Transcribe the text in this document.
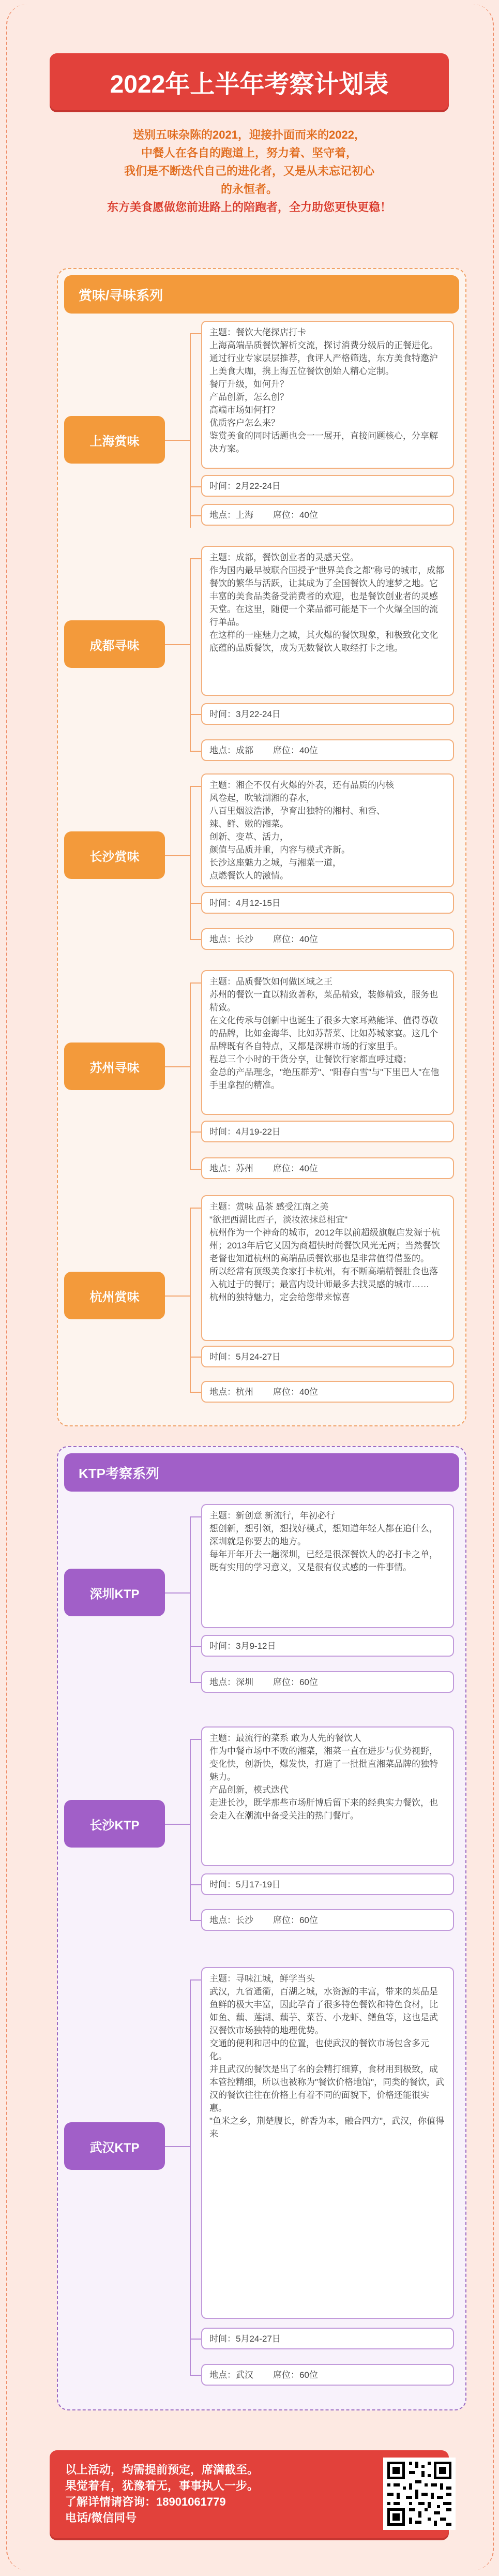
2022年上半年考察计划表
送别五味杂陈的2021，迎接扑面而来的2022，
中餐人在各自的跑道上，努力着、坚守着，
我们是不断迭代自己的进化者，又是从未忘记初心
的永恒者。
东方美食愿做您前进路上的陪跑者，全力助您更快更稳！
赏味/寻味系列
上海赏味
主题：餐饮大佬探店打卡
上海高端品质餐饮解析交流，探讨消费分级后的正餐进化。
通过行业专家层层推荐，食评人严格筛选，东方美食特邀沪上美食大咖，携上海五位餐饮创始人精心定制。
餐厅升级，如何升？
产品创新，怎么创？
高端市场如何打？
优质客户怎么来？
鉴赏美食的同时话题也会一一展开，直接问题核心，分享解决方案。
时间：2月22-24日
地点：上海 席位：40位
成都寻味
主题：成都，餐饮创业者的灵感天堂。
作为国内最早被联合国授予"世界美食之都"称号的城市，成都餐饮的繁华与活跃，让其成为了全国餐饮人的速梦之地。它丰富的美食品类备受消费者的欢迎，也是餐饮创业者的灵感天堂。在这里，随便一个菜品都可能是下一个火爆全国的流行单品。
在这样的一座魅力之城，其火爆的餐饮现象，和极致化文化底蕴的品质餐饮，成为无数餐饮人取经打卡之地。
时间：3月22-24日
地点：成都 席位：40位
长沙赏味
主题：湘企不仅有火爆的外表，还有品质的内核
风卷起，吹皱湖湘的春水，
八百里烟波浩渺，孕育出独特的湘村、和香、
辣、鲜、嫩的湘菜。
创新、变革、活力，
颜值与品质并重，内容与模式齐新。
长沙这座魅力之城，与湘菜一道，
点燃餐饮人的激情。
时间：4月12-15日
地点：长沙 席位：40位
苏州寻味
主题：品质餐饮如何做区域之王
苏州的餐饮一直以精致著称，菜品精致，装修精致，服务也精致。
在文化传承与创新中也诞生了很多大家耳熟能详、值得尊敬的品牌，比如金海华、比如苏帮菜、比如苏城家宴。这几个品牌既有各自特点，又都是深耕市场的行家里手。
程总三个小时的干货分享，让餐饮行家都直呼过瘾；
金总的产品理念，"绝压群芳"、"阳春白雪"与"下里巴人"在他手里拿捏的精准。
时间：4月19-22日
地点：苏州 席位：40位
杭州赏味
主题：赏味 品茶 感受江南之美
"欲把西湖比西子，淡妆浓抹总相宜"
杭州作为一个神奇的城市，2012年以前超级旗舰店发源于杭州；2013年后它又因为商超快时尚餐饮风光无两；当然餐饮老督也知道杭州的高端品质餐饮那也是非常值得借鉴的。
所以经常有顶级美食家打卡杭州，有不断高端精餐肚食也落入杭过于的餐厅；最富内设计师最多去找灵感的城市……
杭州的独特魅力，定会给您带来惊喜
时间：5月24-27日
地点：杭州 席位：40位
KTP考察系列
深圳KTP
主题：新创意 新流行，年初必行
想创新，想引领，想找好模式，想知道年轻人都在追什么，深圳就是你要去的地方。
每年开年开去一趟深圳，已经是很深餐饮人的必打卡之单，既有实用的学习意义，又是很有仪式感的一件事情。
时间：3月9-12日
地点：深圳 席位：60位
长沙KTP
主题：最流行的菜系 敢为人先的餐饮人
作为中餐市场中不败的湘菜，湘菜一直在进步与优势视野，变化快，创新快，爆发快，打造了一批批直湘菜品牌的独特魅力。
产品创新，模式迭代
走进长沙，既学那些市场肝博后留下来的经典实力餐饮，也会走入在潮流中备受关注的热门餐厅。
时间：5月17-19日
地点：长沙 席位：60位
武汉KTP
主题：寻味江城，鲜学当头
武汉，九省通衢，百湖之城，水资源的丰富，带来的菜品是鱼鲜的极大丰富，因此孕育了很多特色餐饮和特色食材，比如鱼、藕、莲湖、藕芋、菜苔、小龙虾、鳝鱼等，这也是武汉餐饮市场独特的地理优势。
交通的便利和居中的位置，也使武汉的餐饮市场包含多元化。
并且武汉的餐饮是出了名的会精打细算，食材用到极致，成本管控精细，所以也被称为"餐饮价格地馆"，同类的餐饮，武汉的餐饮往往在价格上有着不同的面貌下，价格还能很实惠。
"鱼米之乡，荆楚腹长，鲜香为本，融合四方"，武汉，你值得来
时间：5月24-27日
地点：武汉 席位：60位
以上活动，均需提前预定，席满截至。
果觉着有，犹豫着无，事事执人一步。
了解详情请咨询：18901061779
电话/微信同号
